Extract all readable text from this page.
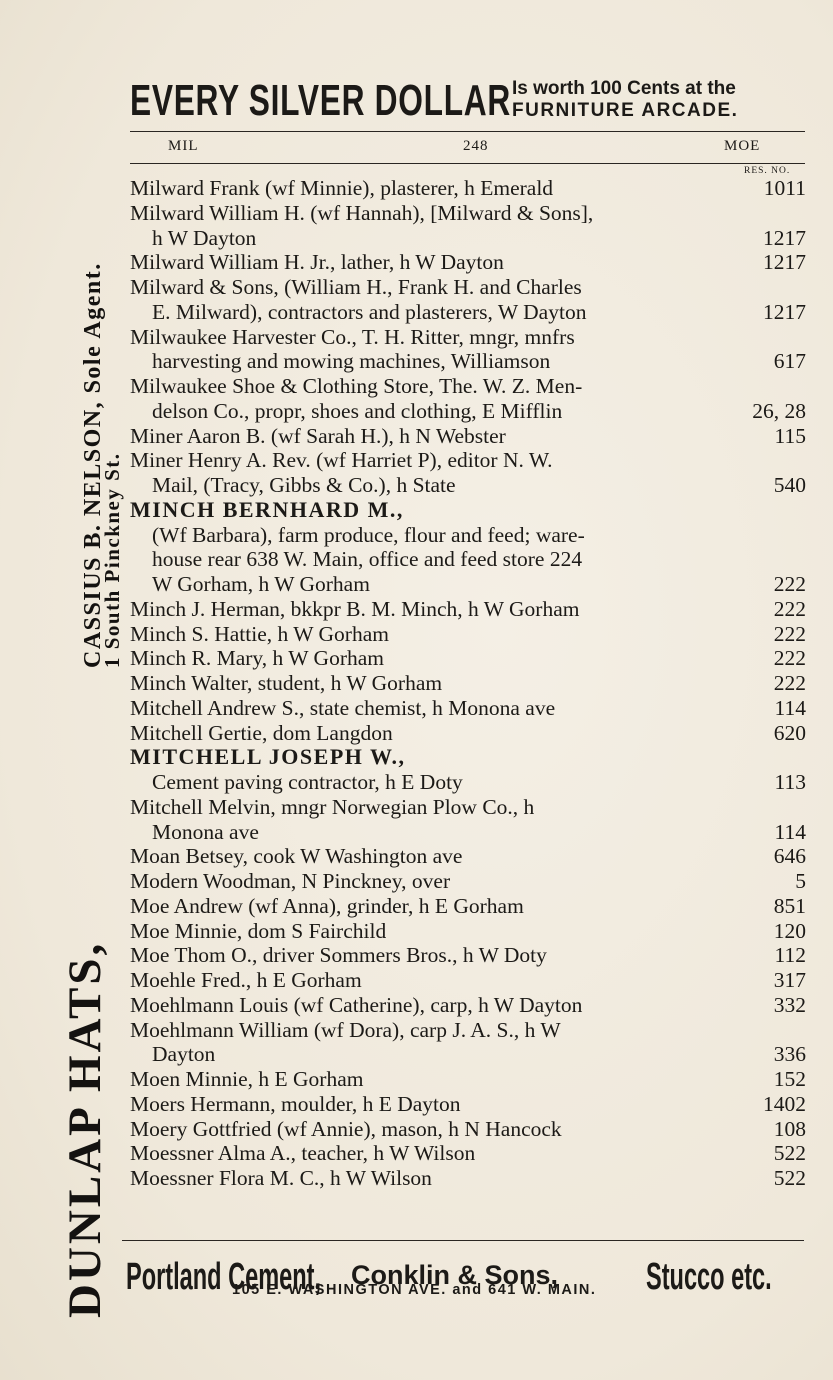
DUNLAP HATS,
CASSIUS B. NELSON, Sole Agent.
1 South Pinckney St.
EVERY SILVER DOLLAR Is worth 100 Cents at the
FURNITURE ARCADE.
MIL	248	MOE
RES. NO.
Milward Frank (wf Minnie), plasterer, h Emerald	1011
Milward William H. (wf Hannah), [Milward & Sons],
h W Dayton	1217
Milward William H. Jr., lather, h W Dayton	1217
Milward & Sons, (William H., Frank H. and Charles
E. Milward), contractors and plasterers, W Dayton	1217
Milwaukee Harvester Co., T. H. Ritter, mngr, mnfrs
harvesting and mowing machines, Williamson	617
Milwaukee Shoe & Clothing Store, The. W. Z. Men-
delson Co., propr, shoes and clothing, E Mifflin	26, 28
Miner Aaron B. (wf Sarah H.), h N Webster	115
Miner Henry A. Rev. (wf Harriet P), editor N. W.
Mail, (Tracy, Gibbs & Co.), h State	540
MINCH BERNHARD M.,
(Wf Barbara), farm produce, flour and feed; ware-
house rear 638 W. Main, office and feed store 224
W Gorham, h W Gorham	222
Minch J. Herman, bkkpr B. M. Minch, h W Gorham	222
Minch S. Hattie, h W Gorham	222
Minch R. Mary, h W Gorham	222
Minch Walter, student, h W Gorham	222
Mitchell Andrew S., state chemist, h Monona ave	114
Mitchell Gertie, dom Langdon	620
MITCHELL JOSEPH W.,
Cement paving contractor, h E Doty	113
Mitchell Melvin, mngr Norwegian Plow Co., h
Monona ave	114
Moan Betsey, cook W Washington ave	646
Modern Woodman, N Pinckney, over	5
Moe Andrew (wf Anna), grinder, h E Gorham	851
Moe Minnie, dom S Fairchild	120
Moe Thom O., driver Sommers Bros., h W Doty	112
Moehle Fred., h E Gorham	317
Moehlmann Louis (wf Catherine), carp, h W Dayton	332
Moehlmann William (wf Dora), carp J. A. S., h W
Dayton	336
Moen Minnie, h E Gorham	152
Moers Hermann, moulder, h E Dayton	1402
Moery Gottfried (wf Annie), mason, h N Hancock	108
Moessner Alma A., teacher, h W Wilson	522
Moessner Flora M. C., h W Wilson	522
Portland Cement, Conklin & Sons, Stucco etc.
105 E. WASHINGTON AVE. and 641 W. MAIN.
